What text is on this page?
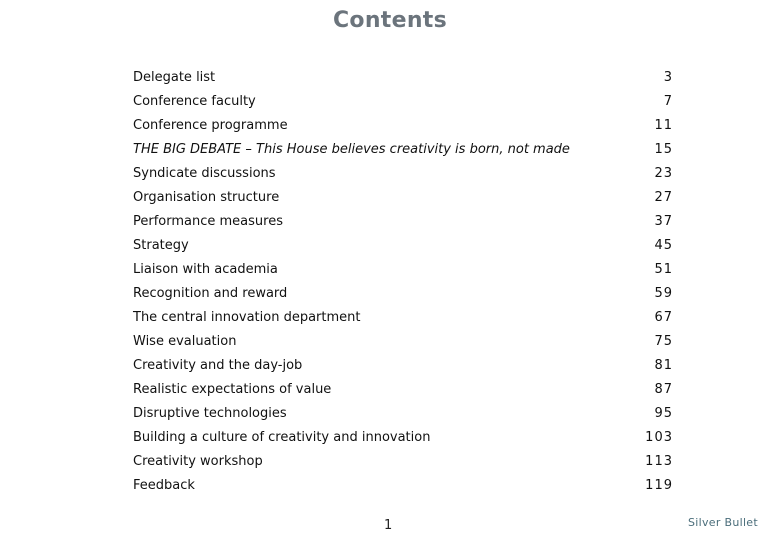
Contents
Delegate list	3
Conference faculty	7
Conference programme	11
THE BIG DEBATE – This House believes creativity is born, not made	15
Syndicate discussions	23
Organisation structure	27
Performance measures	37
Strategy	45
Liaison with academia	51
Recognition and reward	59
The central innovation department	67
Wise evaluation	75
Creativity and the day-job	81
Realistic expectations of value	87
Disruptive technologies	95
Building a culture of creativity and innovation	103
Creativity workshop	113
Feedback	119
1	Silver Bullet
